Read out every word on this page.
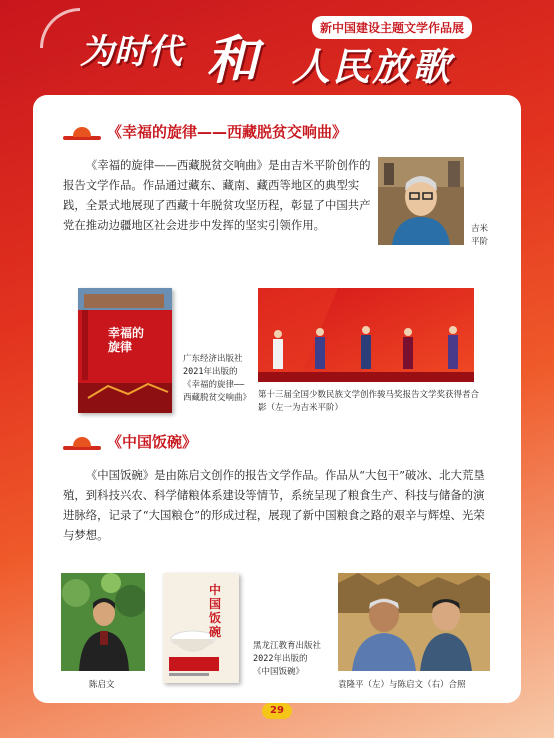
新中国建设主题文学作品展
为时代 和 人民放歌
《幸福的旋律——西藏脱贫交响曲》
《幸福的旋律——西藏脱贫交响曲》是由吉米平阶创作的报告文学作品。作品通过藏东、藏南、藏西等地区的典型实践，全景式地展现了西藏十年脱贫攻坚历程，彰显了中国共产党在推动边疆地区社会进步中发挥的坚实引领作用。	吉米平阶
幸福的旋律
广东经济出版社2021年出版的《幸福的旋律——西藏脱贫交响曲》 第十三届全国少数民族文学创作骏马奖报告文学奖获得者合影（左一为吉米平阶）
《中国饭碗》
《中国饭碗》是由陈启文创作的报告文学作品。作品从“大包干”破冰、北大荒垦殖，到科技兴农、科学储粮体系建设等情节，系统呈现了粮食生产、科技与储备的演进脉络，记录了“大国粮仓”的形成过程，展现了新中国粮食之路的艰辛与辉煌、光荣与梦想。
陈启文
中国饭碗
黑龙江教育出版社2022年出版的《中国饭碗》
袁隆平（左）与陈启文（右）合照
29
